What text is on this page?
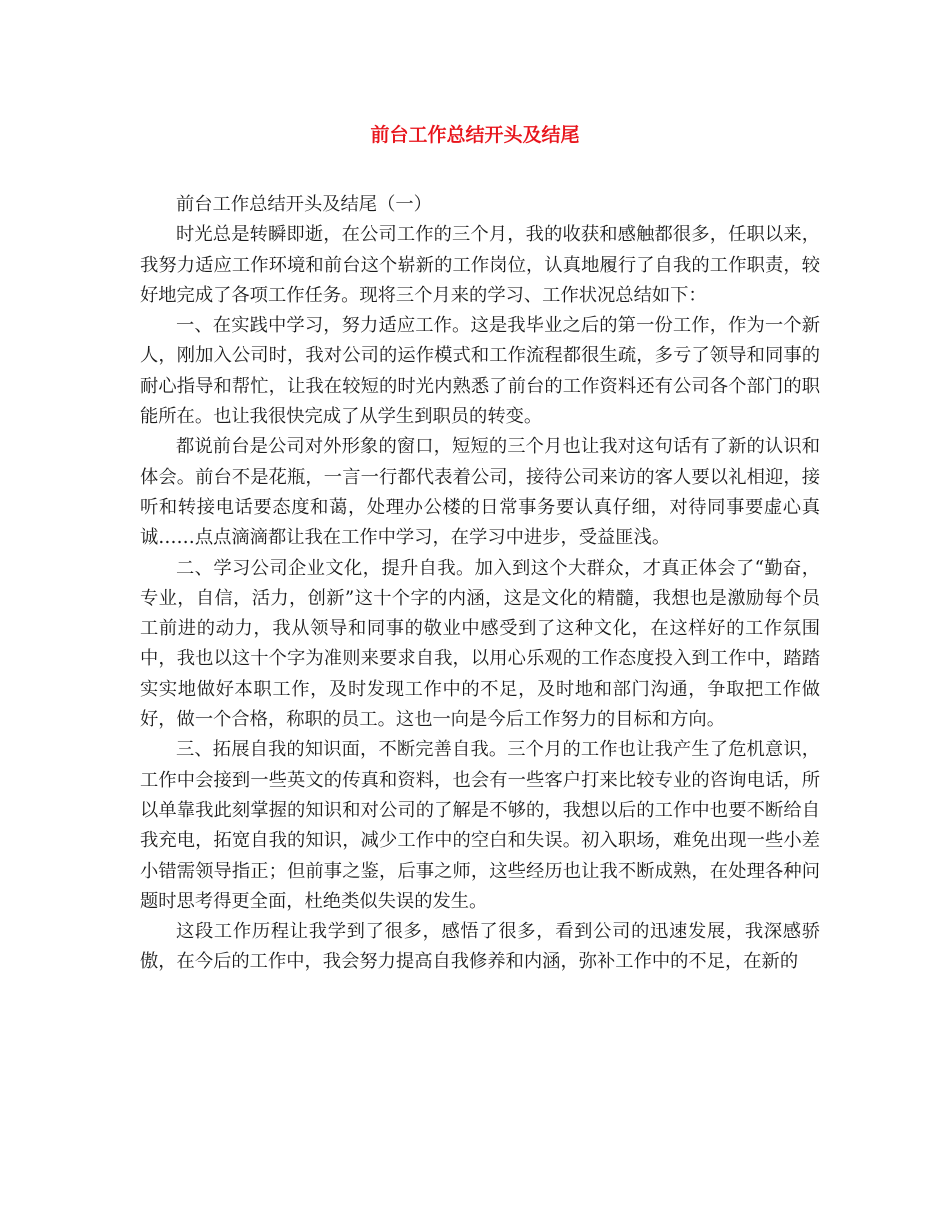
前台工作总结开头及结尾

前台工作总结开头及结尾（一）

时光总是转瞬即逝，在公司工作的三个月，我的收获和感触都很多，任职以来，我努力适应工作环境和前台这个崭新的工作岗位，认真地履行了自我的工作职责，较好地完成了各项工作任务。现将三个月来的学习、工作状况总结如下：

一、在实践中学习，努力适应工作。这是我毕业之后的第一份工作，作为一个新人，刚加入公司时，我对公司的运作模式和工作流程都很生疏，多亏了领导和同事的耐心指导和帮忙，让我在较短的时光内熟悉了前台的工作资料还有公司各个部门的职能所在。也让我很快完成了从学生到职员的转变。

都说前台是公司对外形象的窗口，短短的三个月也让我对这句话有了新的认识和体会。前台不是花瓶，一言一行都代表着公司，接待公司来访的客人要以礼相迎，接听和转接电话要态度和蔼，处理办公楼的日常事务要认真仔细，对待同事要虚心真诚……点点滴滴都让我在工作中学习，在学习中进步，受益匪浅。

二、学习公司企业文化，提升自我。加入到这个大群众，才真正体会了“勤奋，专业，自信，活力，创新”这十个字的内涵，这是文化的精髓，我想也是激励每个员工前进的动力，我从领导和同事的敬业中感受到了这种文化，在这样好的工作氛围中，我也以这十个字为准则来要求自我，以用心乐观的工作态度投入到工作中，踏踏实实地做好本职工作，及时发现工作中的不足，及时地和部门沟通，争取把工作做好，做一个合格，称职的员工。这也一向是今后工作努力的目标和方向。

三、拓展自我的知识面，不断完善自我。三个月的工作也让我产生了危机意识，工作中会接到一些英文的传真和资料，也会有一些客户打来比较专业的咨询电话，所以单靠我此刻掌握的知识和对公司的了解是不够的，我想以后的工作中也要不断给自我充电，拓宽自我的知识，减少工作中的空白和失误。初入职场，难免出现一些小差小错需领导指正；但前事之鉴，后事之师，这些经历也让我不断成熟，在处理各种问题时思考得更全面，杜绝类似失误的发生。

这段工作历程让我学到了很多，感悟了很多，看到公司的迅速发展，我深感骄傲，在今后的工作中，我会努力提高自我修养和内涵，弥补工作中的不足，在新的
